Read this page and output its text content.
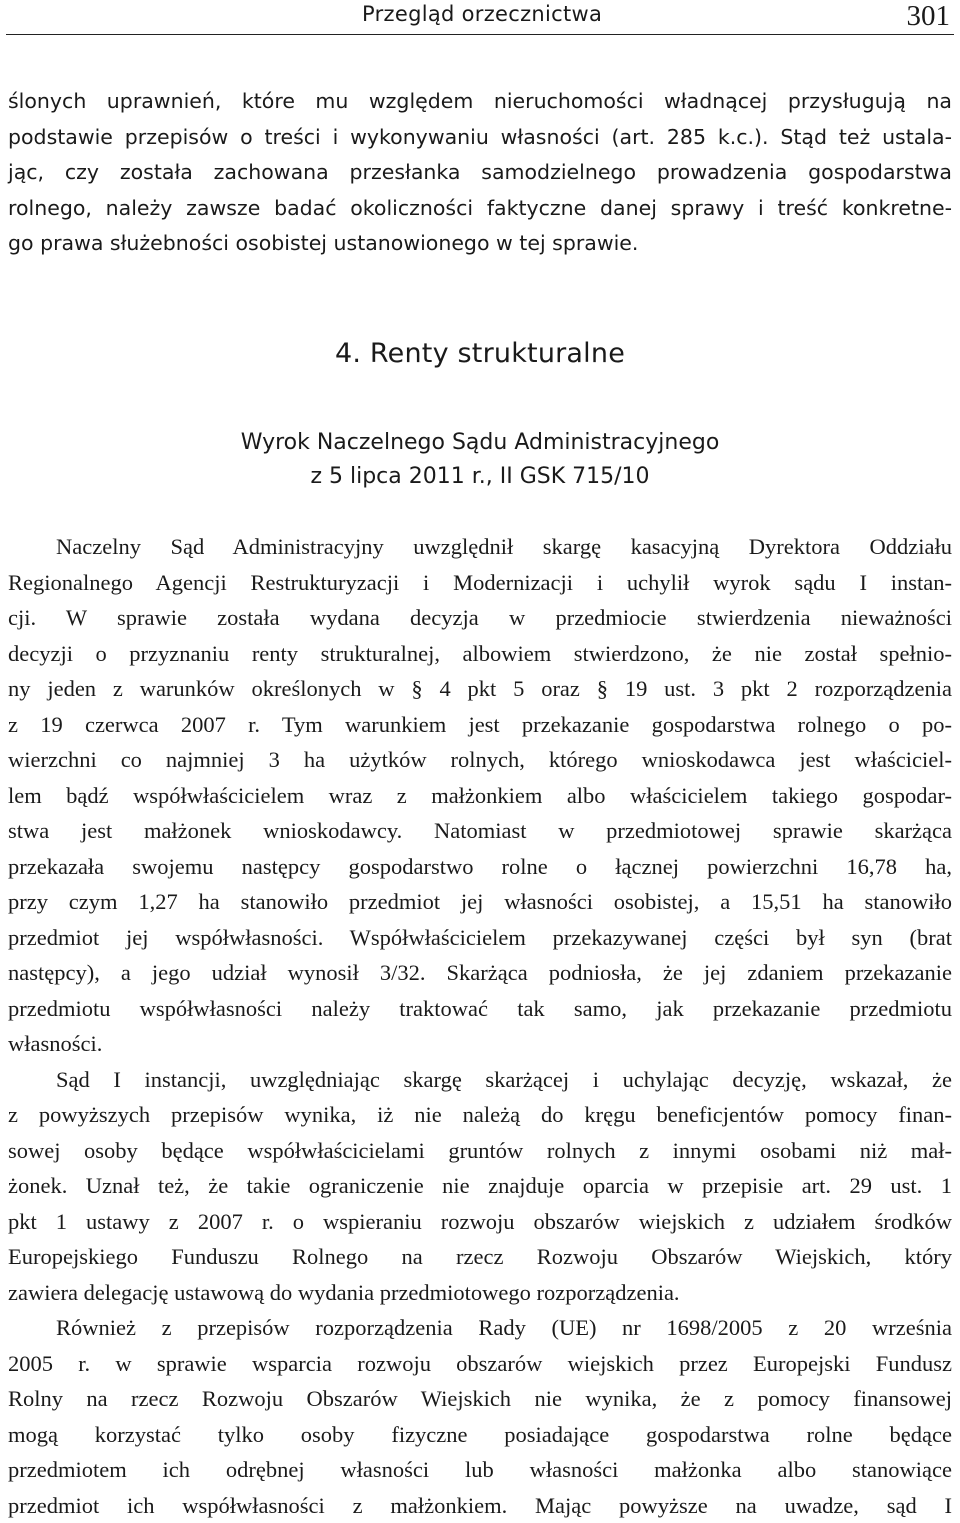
Przegląd orzecznictwa	301
ślonych uprawnień, które mu względem nieruchomości władnącej przysługują na
podstawie przepisów o treści i wykonywaniu własności (art. 285 k.c.). Stąd też ustala-
jąc, czy została zachowana przesłanka samodzielnego prowadzenia gospodarstwa
rolnego, należy zawsze badać okoliczności faktyczne danej sprawy i treść konkretne-
go prawa służebności osobistej ustanowionego w tej sprawie.
4. Renty strukturalne
Wyrok Naczelnego Sądu Administracyjnego
z 5 lipca 2011 r., II GSK 715/10
Naczelny Sąd Administracyjny uwzględnił skargę kasacyjną Dyrektora Oddziału
Regionalnego Agencji Restrukturyzacji i Modernizacji i uchylił wyrok sądu I instan-
cji. W sprawie została wydana decyzja w przedmiocie stwierdzenia nieważności
decyzji o przyznaniu renty strukturalnej, albowiem stwierdzono, że nie został spełnio-
ny jeden z warunków określonych w § 4 pkt 5 oraz § 19 ust. 3 pkt 2 rozporządzenia
z 19 czerwca 2007 r. Tym warunkiem jest przekazanie gospodarstwa rolnego o po-
wierzchni co najmniej 3 ha użytków rolnych, którego wnioskodawca jest właściciel-
lem bądź współwłaścicielem wraz z małżonkiem albo właścicielem takiego gospodar-
stwa jest małżonek wnioskodawcy. Natomiast w przedmiotowej sprawie skarżąca
przekazała swojemu następcy gospodarstwo rolne o łącznej powierzchni 16,78 ha,
przy czym 1,27 ha stanowiło przedmiot jej własności osobistej, a 15,51 ha stanowiło
przedmiot jej współwłasności. Współwłaścicielem przekazywanej części był syn (brat
następcy), a jego udział wynosił 3/32. Skarżąca podniosła, że jej zdaniem przekazanie
przedmiotu współwłasności należy traktować tak samo, jak przekazanie przedmiotu
własności.
Sąd I instancji, uwzględniając skargę skarżącej i uchylając decyzję, wskazał, że
z powyższych przepisów wynika, iż nie należą do kręgu beneficjentów pomocy finan-
sowej osoby będące współwłaścicielami gruntów rolnych z innymi osobami niż mał-
żonek. Uznał też, że takie ograniczenie nie znajduje oparcia w przepisie art. 29 ust. 1
pkt 1 ustawy z 2007 r. o wspieraniu rozwoju obszarów wiejskich z udziałem środków
Europejskiego Funduszu Rolnego na rzecz Rozwoju Obszarów Wiejskich, który
zawiera delegację ustawową do wydania przedmiotowego rozporządzenia.
Również z przepisów rozporządzenia Rady (UE) nr 1698/2005 z 20 września
2005 r. w sprawie wsparcia rozwoju obszarów wiejskich przez Europejski Fundusz
Rolny na rzecz Rozwoju Obszarów Wiejskich nie wynika, że z pomocy finansowej
mogą korzystać tylko osoby fizyczne posiadające gospodarstwa rolne będące
przedmiotem ich odrębnej własności lub własności małżonka albo stanowiące
przedmiot ich współwłasności z małżonkiem. Mając powyższe na uwadze, sąd I
